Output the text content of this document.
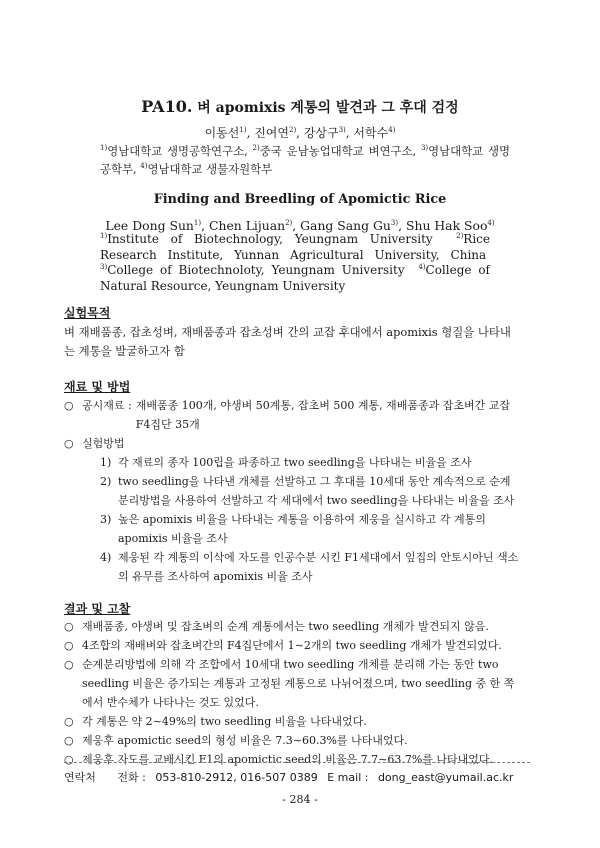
PA10. 벼 apomixis 계통의 발견과 그 후대 검정
이동선$^{1)}$, 진여연$^{2)}$, 강상구$^{3)}$, 서학수$^{4)}$
$^{1)}$영남대학교 생명공학연구소, $^{2)}$중국 운남농업대학교 벼연구소, $^{3)}$영남대학교 생명공학부, $^{4)}$영남대학교 생물자원학부
Finding and Breedling of Apomictic Rice
Lee Dong Sun$^{1)}$, Chen Lijuan$^{2)}$, Gang Sang Gu$^{3)}$, Shu Hak Soo$^{4)}$
$^{1)}$Institute of Biotechnology, Yeungnam University	$^{2)}$Rice Research Institute, Yunnan Agricultural University, China  $^{3)}$College of Biotechnoloty, Yeungnam University $^{4)}$College of Natural Resource, Yeungnam University
실험목적
벼 재배품종, 잡초성벼, 재배품종과 잡초성벼 간의 교잡 후대에서 apomixis 형질을 나타내는 계통을 발굴하고자 함
재료 및 방법
○ 공시재료 : 재배품종 100개, 야생벼 50계통, 잡초벼 500 계통, 재배품종과 잡초벼간 교잡 F4집단 35개
○ 실험방법
1) 각 재료의 종자 100립을 파종하고 two seedling을 나타내는 비율을 조사
2) two seedling을 나타낸 개체를 선발하고 그 후대를 10세대 동안 계속적으로 순계분리방법을 사용하여 선발하고 각 세대에서 two seedling을 나타내는 비율을 조사
3) 높은 apomixis 비율을 나타내는 계통을 이용하여 제웅을 실시하고 각 계통의 apomixis 비율을 조사
4) 제웅된 각 계통의 이삭에 자도를 인공수분 시킨 F1세대에서 잎집의 안토시아닌 색소의 유무를 조사하여 apomixis 비율 조사
결과 및 고찰
○ 재배품종, 야생벼 및 잡초벼의 순계 계통에서는 two seedling 개체가 발견되지 않음.
○ 4조합의 재배벼와 잡초벼간의 F4집단에서 1∼2개의 two seedling 개체가 발견되었다.
○ 순계분리방법에 의해 각 조합에서 10세대 two seedling 개체를 분리해 가는 동안 two seedling 비율은 증가되는 계통과 고정된 계통으로 나뉘어졌으며, two seedling 중 한 쪽에서 반수체가 나타나는 것도 있었다.
○ 각 계통은 약 2∼49%의 two seedling 비율을 나타내었다.
○ 제웅후 apomictic seed의 형성 비율은 7.3∼60.3%를 나타내었다.
○ 제웅후 자도를 교배시킨 F1의 apomictic seed의 비율은 7.7∼63.7%를 나타내었다.
연락처 전화 : 053-810-2912, 016-507 0389 E mail : dong_east@yumail.ac.kr
- 284 -
